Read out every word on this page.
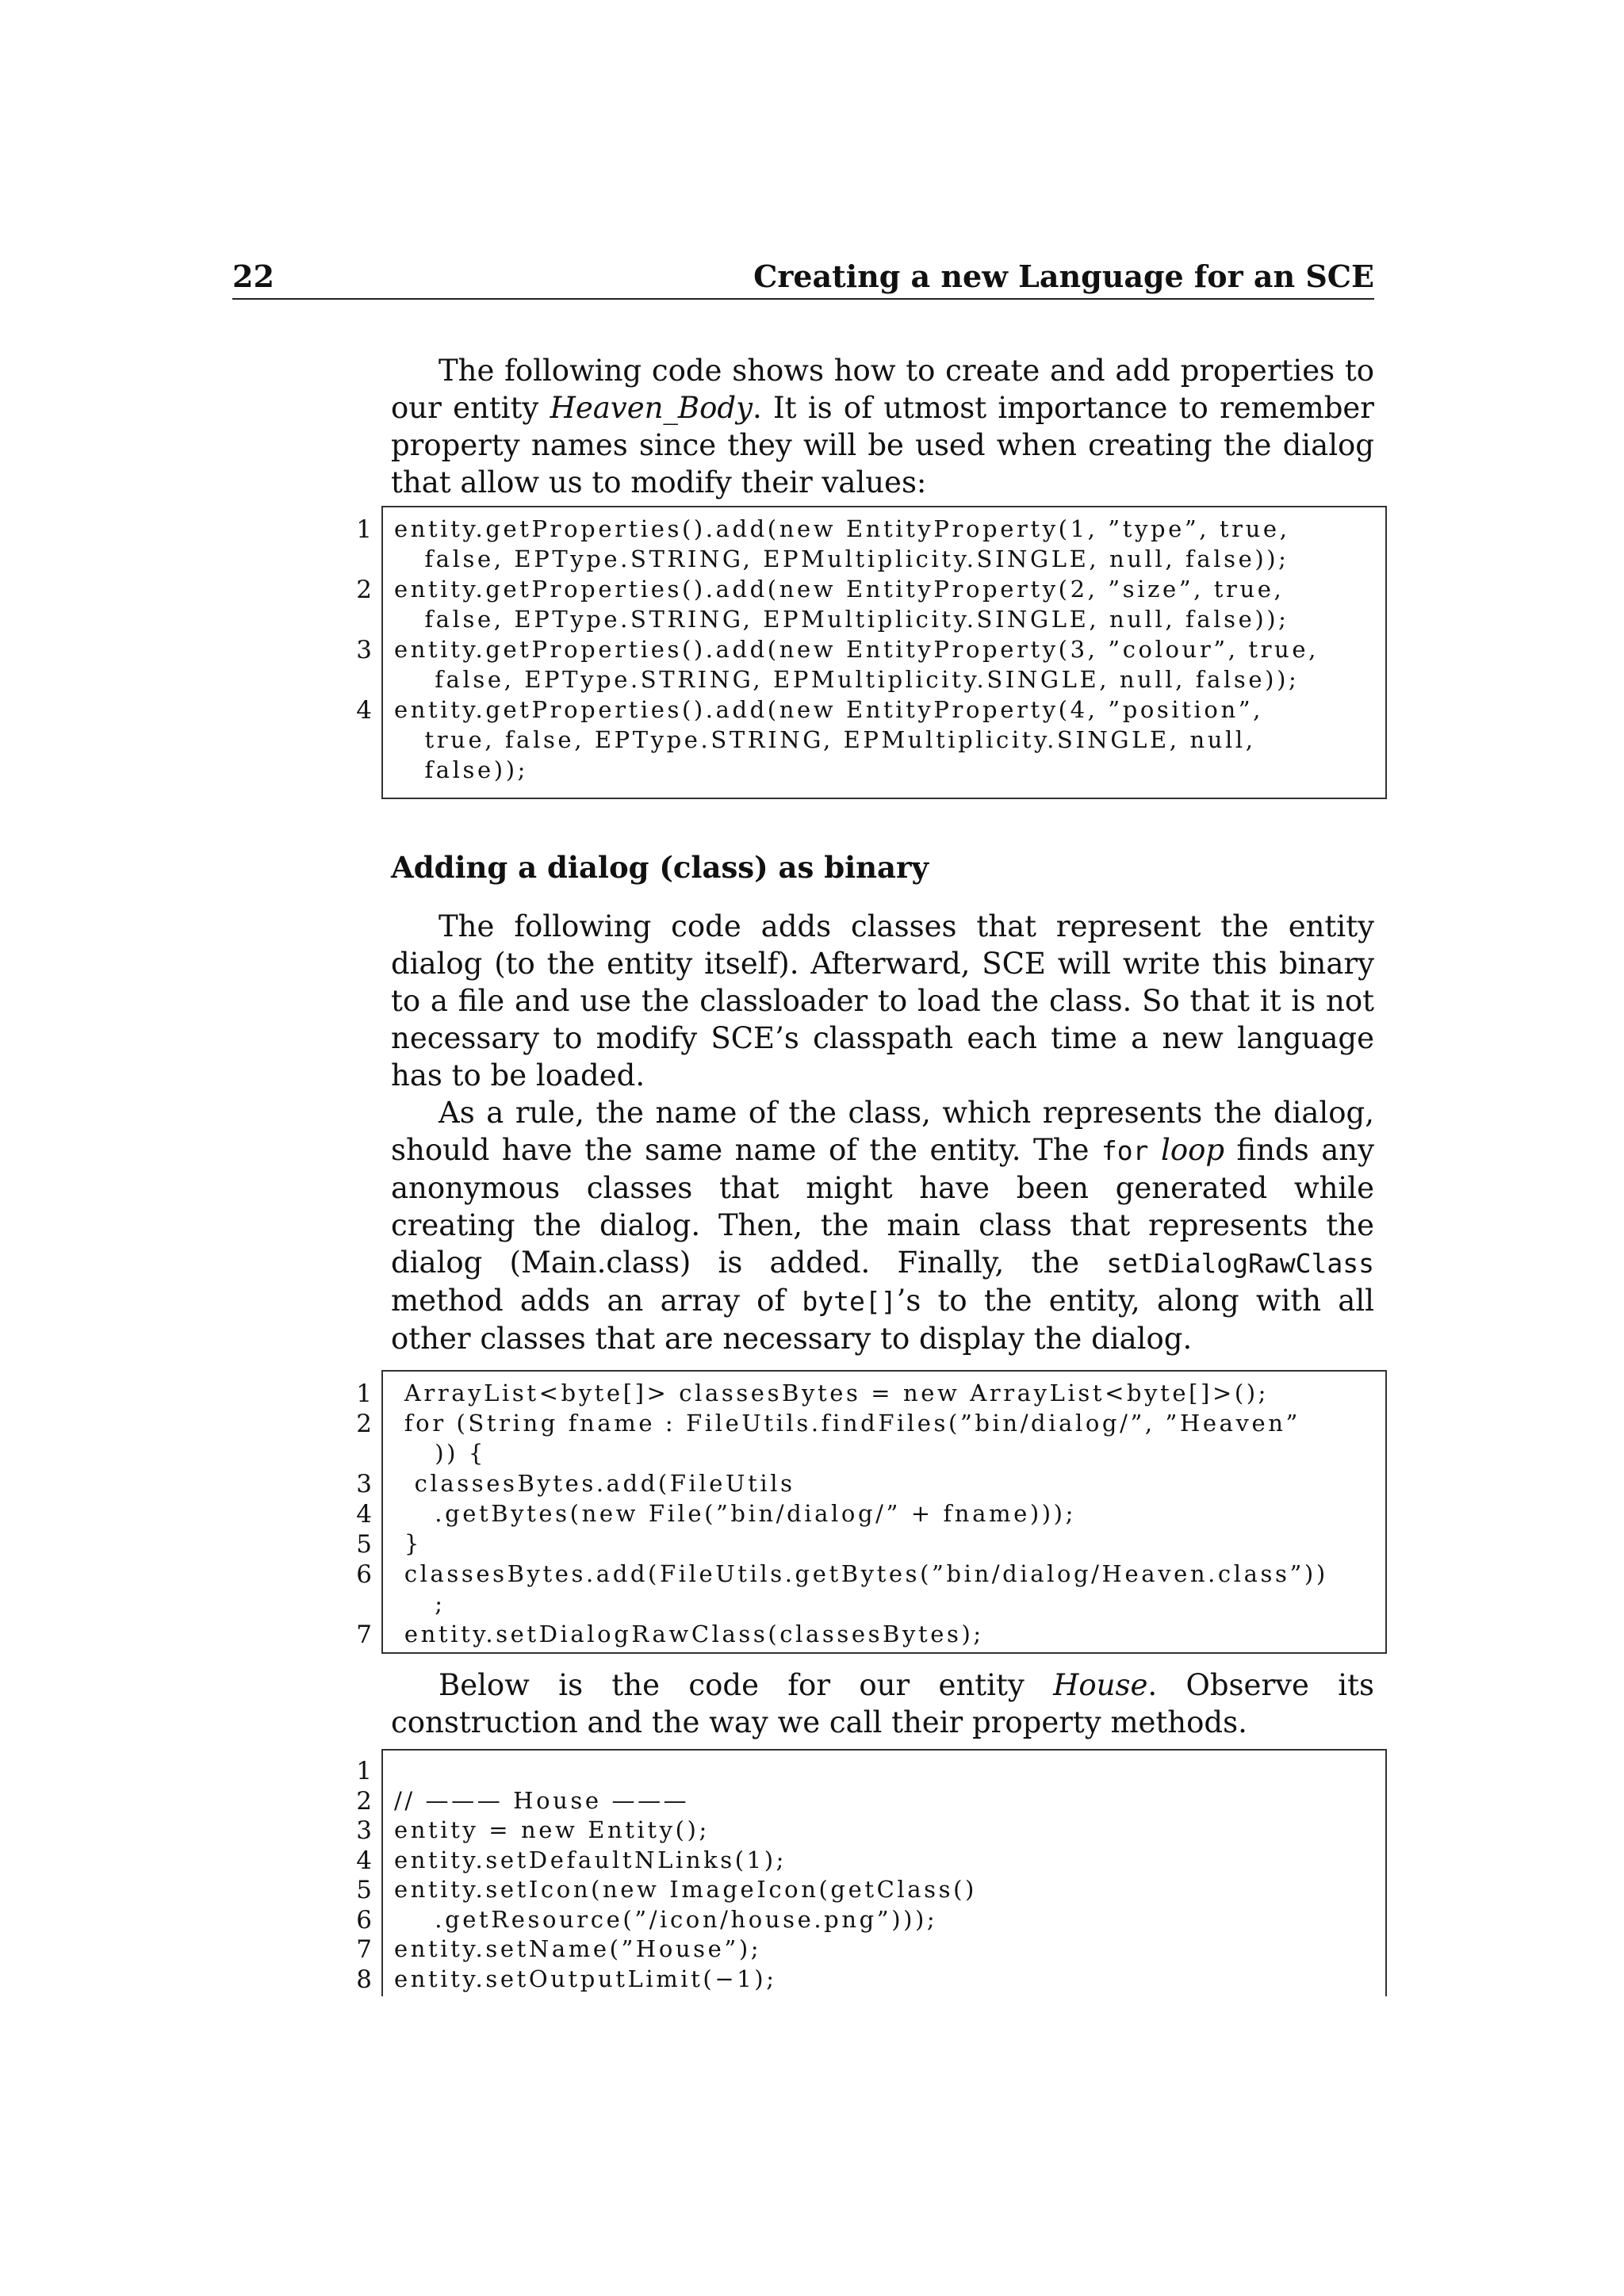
22	Creating a new Language for an SCE
The following code shows how to create and add properties to our entity Heaven_Body. It is of utmost importance to remember property names since they will be used when creating the dialog that allow us to modify their values:
1 entity.getProperties().add(new EntityProperty(1, ”type”, true,
false, EPType.STRING, EPMultiplicity.SINGLE, null, false));
2 entity.getProperties().add(new EntityProperty(2, ”size”, true,
false, EPType.STRING, EPMultiplicity.SINGLE, null, false));
3 entity.getProperties().add(new EntityProperty(3, ”colour”, true,
false, EPType.STRING, EPMultiplicity.SINGLE, null, false));
4 entity.getProperties().add(new EntityProperty(4, ”position”,
true, false, EPType.STRING, EPMultiplicity.SINGLE, null,
false));
Adding a dialog (class) as binary
The following code adds classes that represent the entity dialog (to the entity itself). Afterward, SCE will write this binary to a file and use the classloader to load the class. So that it is not necessary to modify SCE’s classpath each time a new language has to be loaded.
As a rule, the name of the class, which represents the dialog, should have the same name of the entity. The for loop finds any anonymous classes that might have been generated while creating the dialog. Then, the main class that represents the dialog (Main.class) is added. Finally, the setDialogRawClass method adds an array of byte[]’s to the entity, along with all other classes that are necessary to display the dialog.
1 ArrayList<byte[]> classesBytes = new ArrayList<byte[]>();
2 for (String fname : FileUtils.findFiles(”bin/dialog/”, ”Heaven”
)) {
3 classesBytes.add(FileUtils
4 .getBytes(new File(”bin/dialog/” + fname)));
5 }
6 classesBytes.add(FileUtils.getBytes(”bin/dialog/Heaven.class”))
;
7 entity.setDialogRawClass(classesBytes);
Below is the code for our entity House. Observe its construction and the way we call their property methods.
1
2 // ——— House ———
3 entity = new Entity();
4 entity.setDefaultNLinks(1);
5 entity.setIcon(new ImageIcon(getClass()
6 .getResource(”/icon/house.png”)));
7 entity.setName(”House”);
8 entity.setOutputLimit(−1);
